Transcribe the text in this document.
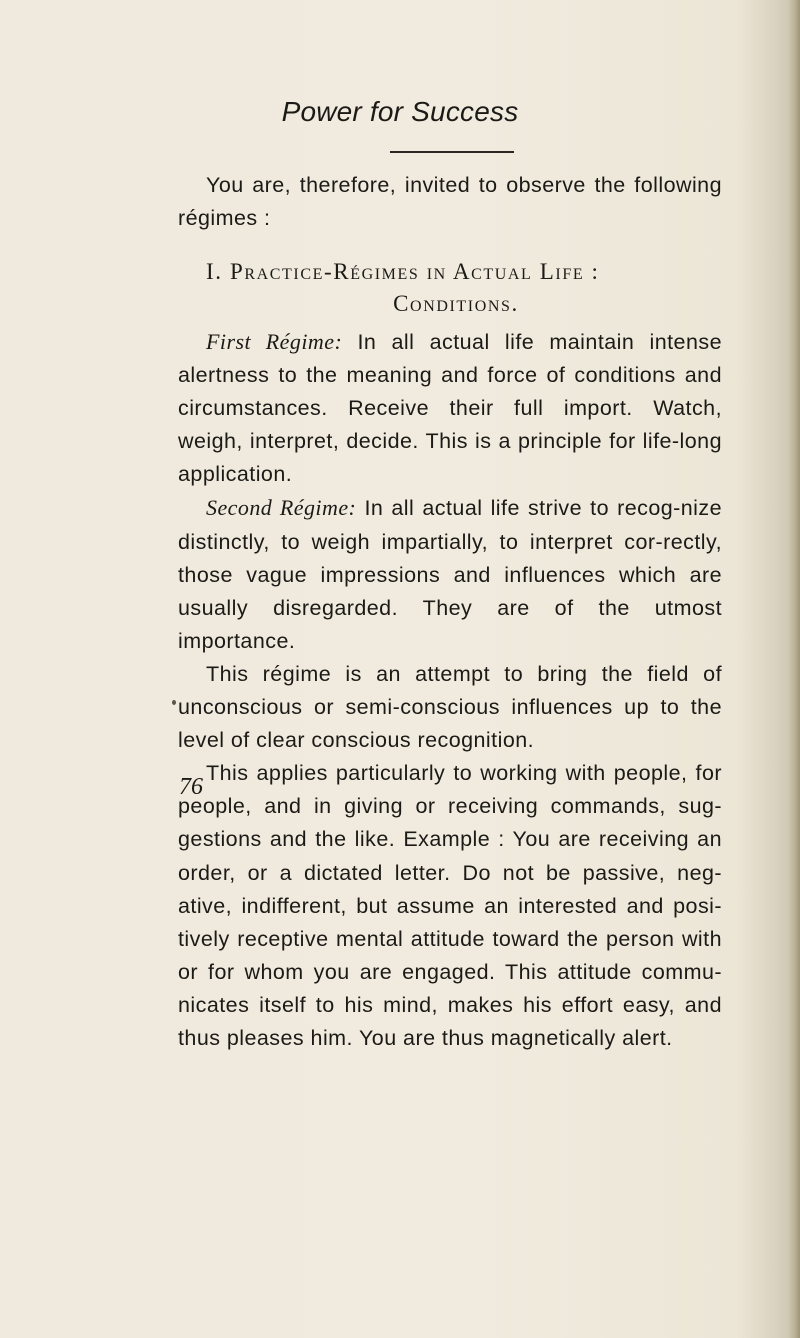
Power for Success

You are, therefore, invited to observe the following régimes :

I. Practice-Régimes in Actual Life :
Conditions.

First Régime: In all actual life maintain intense alertness to the meaning and force of conditions and circumstances. Receive their full import. Watch, weigh, interpret, decide. This is a principle for life-long application.

Second Régime: In all actual life strive to recog-nize distinctly, to weigh impartially, to interpret cor-rectly, those vague impressions and influences which are usually disregarded. They are of the utmost importance.

This régime is an attempt to bring the field of unconscious or semi-conscious influences up to the level of clear conscious recognition.

This applies particularly to working with people, for people, and in giving or receiving commands, sug-gestions and the like. Example : You are receiving an order, or a dictated letter. Do not be passive, neg-ative, indifferent, but assume an interested and posi-tively receptive mental attitude toward the person with or for whom you are engaged. This attitude commu-nicates itself to his mind, makes his effort easy, and thus pleases him. You are thus magnetically alert.

76
